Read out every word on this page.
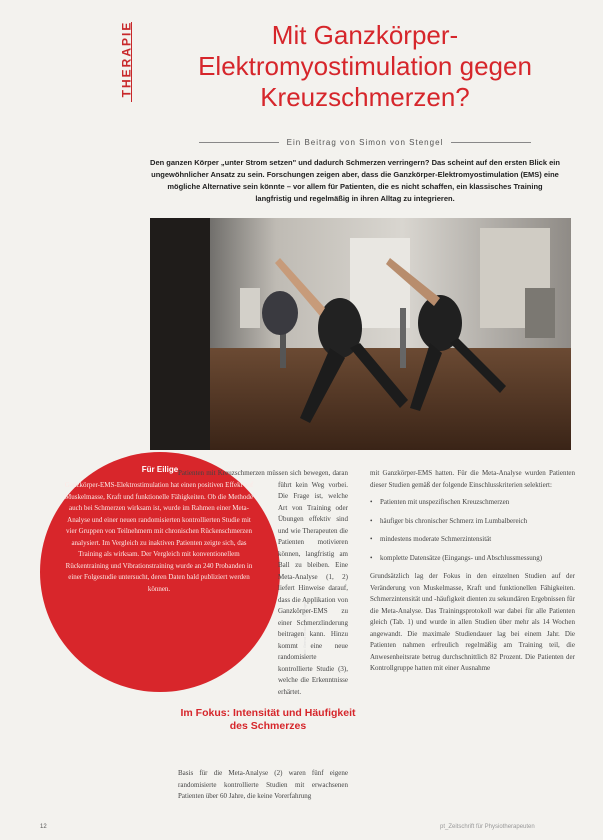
THERAPIE	Mit Ganzkörper-Elektromyostimulation gegen Kreuzschmerzen?
Ein Beitrag von Simon von Stengel
Den ganzen Körper „unter Strom setzen" und dadurch Schmerzen verringern? Das scheint auf den ersten Blick ein ungewöhnlicher Ansatz zu sein. Forschungen zeigen aber, dass die Ganzkörper-Elektromyostimulation (EMS) eine mögliche Alternative sein könnte – vor allem für Patienten, die es nicht schaffen, ein klassisches Training langfristig und regelmäßig in ihren Alltag zu integrieren.
Foto: Bernd Bednarek, Erlangen
Für Eilige
Ganzkörper-EMS-Elektrostimulation hat einen positiven Effekt auf Muskelmasse, Kraft und funktionelle Fähigkeiten. Ob die Methode auch bei Schmerzen wirksam ist, wurde im Rahmen einer Meta-Analyse und einer neuen randomisierten kontrollierten Studie mit vier Gruppen von Teilnehmern mit chronischen Rückenschmerzen analysiert. Im Vergleich zu inaktiven Patienten zeigte sich, das Training als wirksam. Der Vergleich mit konventionellem Rückentraining und Vibrationstraining wurde an 240 Probanden in einer Folgestudie untersucht, deren Daten bald publiziert werden können.

Patienten mit Kreuzschmerzen müssen sich bewegen, daran führt kein Weg vorbei. Die Frage ist, welche Art von Training oder Übungen effektiv sind und wie Therapeuten die Patienten motivieren können, langfristig am Ball zu bleiben. Eine Meta-Analyse (1, 2) liefert Hinweise darauf, dass die Applikation von Ganzkörper-EMS zu einer Schmerzlinderung beitragen kann. Hinzu kommt eine neue randomisierte kontrollierte Studie (3), welche die Erkenntnisse erhärtet.

Im Fokus: Intensität und Häufigkeit des Schmerzes
Basis für die Meta-Analyse (2) waren fünf eigene randomisierte kontrollierte Studien mit erwachsenen Patienten über 60 Jahre, die keine Vorerfahrung

mit Ganzkörper-EMS hatten. Für die Meta-Analyse wurden Patienten dieser Studien gemäß der folgende Einschlusskriterien selektiert:

• Patienten mit unspezifischen Kreuzschmerzen
• häufiger bis chronischer Schmerz im Lumbalbereich
• mindestens moderate Schmerzintensität
• komplette Datensätze (Eingangs- und Abschlussmessung)

Grundsätzlich lag der Fokus in den einzelnen Studien auf der Veränderung von Muskelmasse, Kraft und funktionellen Fähigkeiten. Schmerzintensität und -häufigkeit dienten zu sekundären Ergebnissen für die Meta-Analyse. Das Trainingsprotokoll war dabei für alle Patienten gleich (Tab. 1) und wurde in allen Studien über mehr als 14 Wochen angewandt. Die maximale Studiendauer lag bei einem Jahr. Die Patienten nahmen erfreulich regelmäßig am Training teil, die Anwesenheitsrate betrug durchschnittlich 82 Prozent. Die Patienten der Kontrollgruppe hatten mit einer Ausnahme

12	pt_Zeitschrift für Physiotherapeuten
